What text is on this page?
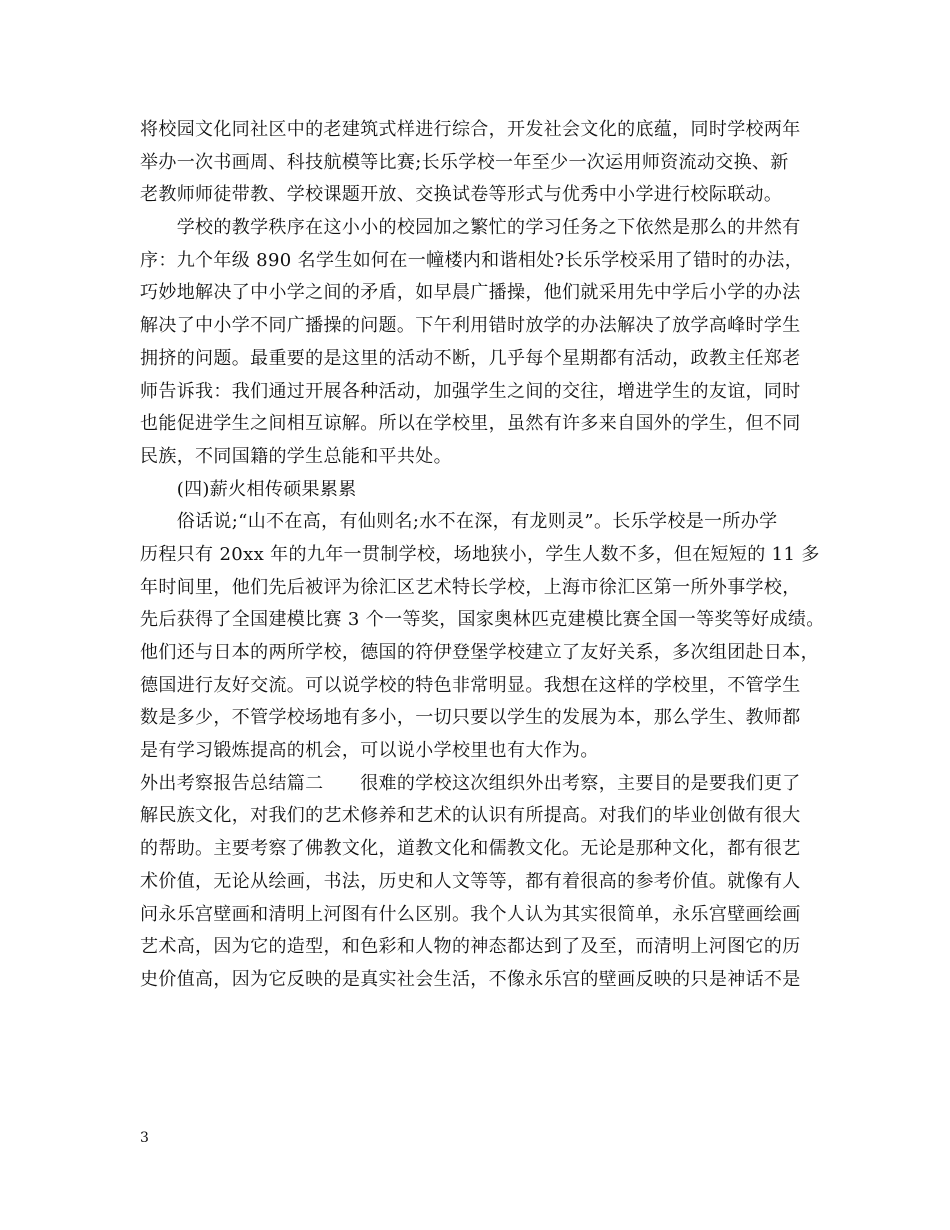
将校园文化同社区中的老建筑式样进行综合，开发社会文化的底蕴，同时学校两年
举办一次书画周、科技航模等比赛;长乐学校一年至少一次运用师资流动交换、新
老教师师徒带教、学校课题开放、交换试卷等形式与优秀中小学进行校际联动。
　　学校的教学秩序在这小小的校园加之繁忙的学习任务之下依然是那么的井然有
序：九个年级 890 名学生如何在一幢楼内和谐相处?长乐学校采用了错时的办法，
巧妙地解决了中小学之间的矛盾，如早晨广播操，他们就采用先中学后小学的办法
解决了中小学不同广播操的问题。下午利用错时放学的办法解决了放学高峰时学生
拥挤的问题。最重要的是这里的活动不断，几乎每个星期都有活动，政教主任郑老
师告诉我：我们通过开展各种活动，加强学生之间的交往，增进学生的友谊，同时
也能促进学生之间相互谅解。所以在学校里，虽然有许多来自国外的学生，但不同
民族，不同国籍的学生总能和平共处。
　　(四)薪火相传硕果累累
　　俗话说;“山不在高，有仙则名;水不在深，有龙则灵”。长乐学校是一所办学
历程只有 20xx 年的九年一贯制学校，场地狭小，学生人数不多，但在短短的 11 多
年时间里，他们先后被评为徐汇区艺术特长学校，上海市徐汇区第一所外事学校，
先后获得了全国建模比赛 3 个一等奖，国家奥林匹克建模比赛全国一等奖等好成绩。
他们还与日本的两所学校，德国的符伊登堡学校建立了友好关系，多次组团赴日本，
德国进行友好交流。可以说学校的特色非常明显。我想在这样的学校里，不管学生
数是多少，不管学校场地有多小，一切只要以学生的发展为本，那么学生、教师都
是有学习锻炼提高的机会，可以说小学校里也有大作为。
外出考察报告总结篇二　　很难的学校这次组织外出考察，主要目的是要我们更了
解民族文化，对我们的艺术修养和艺术的认识有所提高。对我们的毕业创做有很大
的帮助。主要考察了佛教文化，道教文化和儒教文化。无论是那种文化，都有很艺
术价值，无论从绘画，书法，历史和人文等等，都有着很高的参考价值。就像有人
问永乐宫壁画和清明上河图有什么区别。我个人认为其实很简单，永乐宫壁画绘画
艺术高，因为它的造型，和色彩和人物的神态都达到了及至，而清明上河图它的历
史价值高，因为它反映的是真实社会生活，不像永乐宫的壁画反映的只是神话不是
3
